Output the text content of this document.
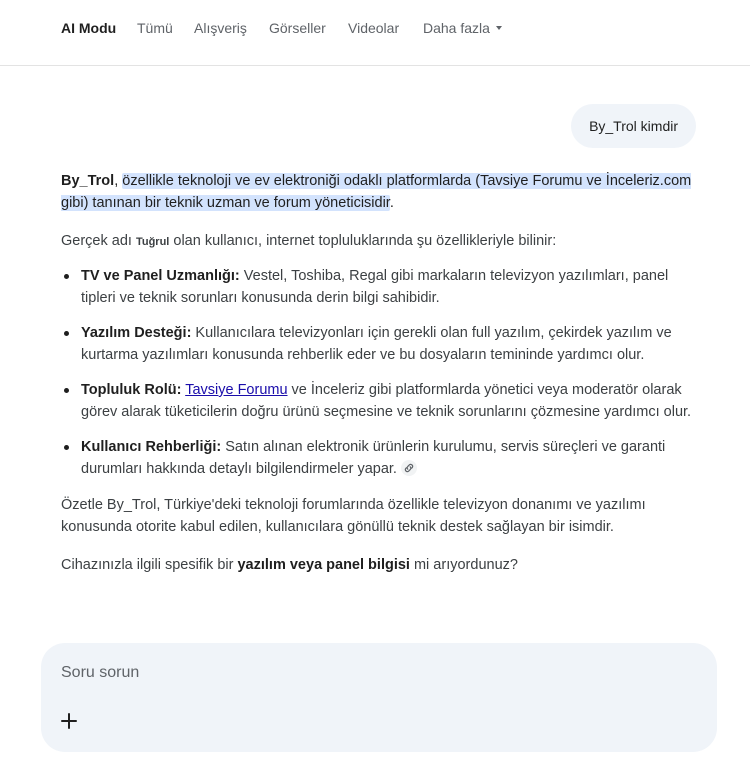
AI Modu Tümü Alışveriş Görseller Videolar Daha fazla
By_Trol kimdir

By_Trol, özellikle teknoloji ve ev elektroniği odaklı platformlarda (Tavsiye Forumu ve İnceleriz.com gibi) tanınan bir teknik uzman ve forum yöneticisidir.

Gerçek adı Tuğrul olan kullanıcı, internet topluluklarında şu özellikleriyle bilinir:

TV ve Panel Uzmanlığı: Vestel, Toshiba, Regal gibi markaların televizyon yazılımları, panel tipleri ve teknik sorunları konusunda derin bilgi sahibidir.
Yazılım Desteği: Kullanıcılara televizyonları için gerekli olan full yazılım, çekirdek yazılım ve kurtarma yazılımları konusunda rehberlik eder ve bu dosyaların temininde yardımcı olur.
Topluluk Rolü: Tavsiye Forumu ve İnceleriz gibi platformlarda yönetici veya moderatör olarak görev alarak tüketicilerin doğru ürünü seçmesine ve teknik sorunlarını çözmesine yardımcı olur.
Kullanıcı Rehberliği: Satın alınan elektronik ürünlerin kurulumu, servis süreçleri ve garanti durumları hakkında detaylı bilgilendirmeler yapar.

Özetle By_Trol, Türkiye'deki teknoloji forumlarında özellikle televizyon donanımı ve yazılımı konusunda otorite kabul edilen, kullanıcılara gönüllü teknik destek sağlayan bir isimdir.

Cihazınızla ilgili spesifik bir yazılım veya panel bilgisi mi arıyordunuz?

Soru sorun
